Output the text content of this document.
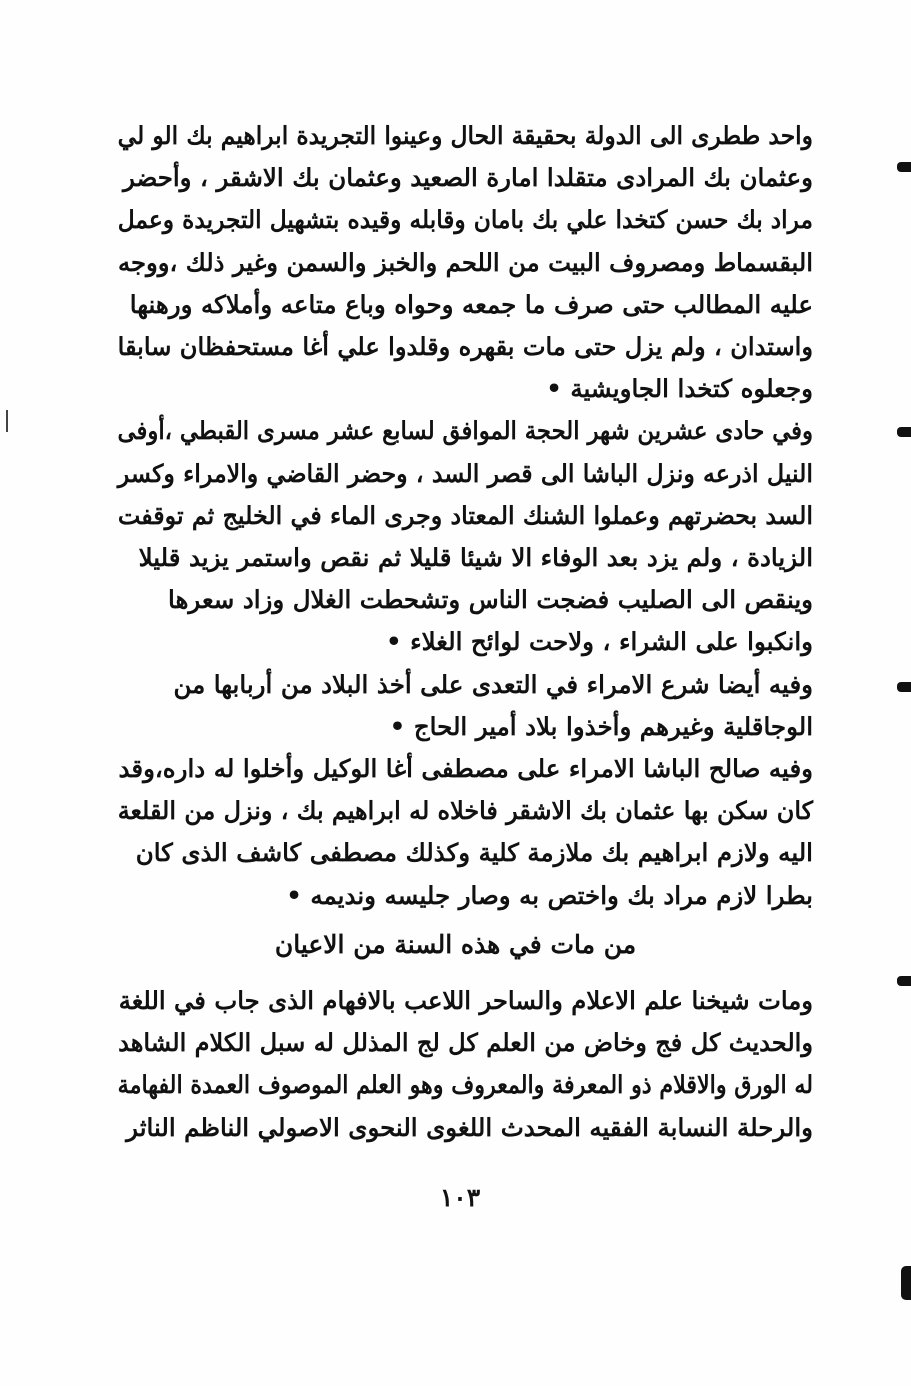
واحد ططرى الى الدولة بحقيقة الحال وعينوا التجريدة ابراهيم بك الو لي

وعثمان بك المرادى متقلدا امارة الصعيد وعثمان بك الاشقر ، وأحضر

مراد بك حسن كتخدا علي بك بامان وقابله وقيده بتشهيل التجريدة وعمل

البقسماط ومصروف البيت من اللحم والخبز والسمن وغير ذلك ،ووجه

عليه المطالب حتى صرف ما جمعه وحواه وباع متاعه وأملاكه ورهنها

واستدان ، ولم يزل حتى مات بقهره وقلدوا علي أغا مستحفظان سابقا

وجعلوه كتخدا الجاويشية •

وفي حادى عشرين شهر الحجة الموافق لسابع عشر مسرى القبطي ،أوفى

النيل اذرعه ونزل الباشا الى قصر السد ، وحضر القاضي والامراء وكسر

السد بحضرتهم وعملوا الشنك المعتاد وجرى الماء في الخليج ثم توقفت

الزيادة ، ولم يزد بعد الوفاء الا شيئا قليلا ثم نقص واستمر يزيد قليلا

وينقص الى الصليب فضجت الناس وتشحطت الغلال وزاد سعرها

وانكبوا على الشراء ، ولاحت لوائح الغلاء •

وفيه أيضا شرع الامراء في التعدى على أخذ البلاد من أربابها من

الوجاقلية وغيرهم وأخذوا بلاد أمير الحاج •

وفيه صالح الباشا الامراء على مصطفى أغا الوكيل وأخلوا له داره،وقد

كان سكن بها عثمان بك الاشقر فاخلاه له ابراهيم بك ، ونزل من القلعة

اليه ولازم ابراهيم بك ملازمة كلية وكذلك مصطفى كاشف الذى كان

بطرا لازم مراد بك واختص به وصار جليسه ونديمه •

من مات في هذه السنة من الاعيان

ومات شيخنا علم الاعلام والساحر اللاعب بالافهام الذى جاب في اللغة

والحديث كل فج وخاض من العلم كل لج المذلل له سبل الكلام الشاهد

له الورق والاقلام ذو المعرفة والمعروف وهو العلم الموصوف العمدة الفهامة

والرحلة النسابة الفقيه المحدث اللغوى النحوى الاصولي الناظم الناثر

١٠٣
